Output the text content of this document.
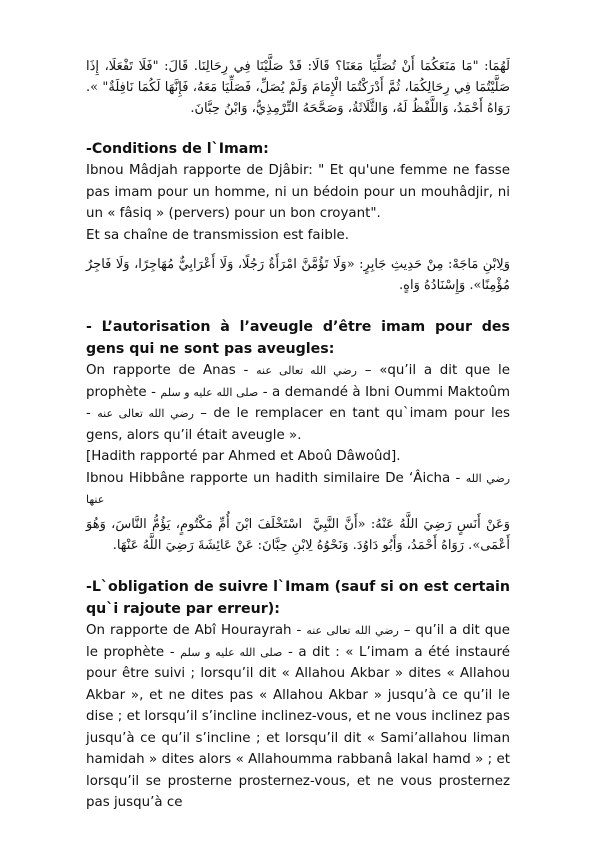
لَهُمَا: "مَا مَنَعَكُمَا أَنْ تُصَلِّيَا مَعَنَا؟ قَالَا: قَدْ صَلَّيْنَا فِي رِحَالِنَا. قَالَ: "فَلَا تَفْعَلَا، إِذَا صَلَّيْتُمَا فِي رِحَالِكُمَا، ثُمَّ أَدْرَكْتُمَا الْإِمَامَ وَلَمْ يُصَلِّ، فَصَلِّيَا مَعَهُ، فَإِنَّهَا لَكُمَا نَافِلَةٌ" ». رَوَاهُ أَحْمَدُ، وَاللَّفْظُ لَهُ، وَالثَّلَاثَةُ، وَصَحَّحَهُ التِّرْمِذِيُّ، وَابْنُ حِبَّانَ.

-Conditions de l`Imam:

Ibnou Mâdjah rapporte de Djâbir: " Et qu'une femme ne fasse pas imam pour un homme, ni un bédoin pour un mouhâdjir, ni un « fâsiq » (pervers) pour un bon croyant".

Et sa chaîne de transmission est faible.

وَلِابْنِ مَاجَهْ: مِنْ حَدِيثِ جَابِرٍ: «وَلَا تَؤُمَّنَّ امْرَأَةٌ رَجُلًا، وَلَا أَعْرَابِيٌّ مُهَاجِرًا، وَلَا فَاجِرٌ مُؤْمِنًا». وَإِسْنَادُهُ وَاهٍ.

- L’autorisation à l’aveugle d’être imam pour des gens qui ne sont pas aveugles:

On rapporte de Anas - رضي الله تعالى عنه – «qu’il a dit que le prophète - صلى الله عليه و سلم - a demandé à Ibni Oummi Maktoûm - رضي الله تعالى عنه – de le remplacer en tant qu`imam pour les gens, alors qu’il était aveugle ».

[Hadith rapporté par Ahmed et Aboû Dâwoûd].

Ibnou Hibbâne rapporte un hadith similaire De ‘Âicha - رضي الله عنها

وَعَنْ أَنَسٍ رَضِيَ اللَّهُ عَنْهُ: «أَنَّ النَّبِيَّ ‏ اسْتَخْلَفَ ابْنَ أُمِّ مَكْتُومٍ، يَؤُمُّ النَّاسَ، وَهُوَ أَعْمَى». رَوَاهُ أَحْمَدُ، وَأَبُو دَاوُدَ. وَنَحْوُهُ لِابْنِ حِبَّانَ: عَنْ عَائِشَةَ رَضِيَ اللَّهُ عَنْهَا.

-L`obligation de suivre l`Imam (sauf si on est certain qu`i rajoute par erreur):

On rapporte de Abî Hourayrah - رضي الله تعالى عنه – qu’il a dit que le prophète - صلى الله عليه و سلم - a dit : « L’imam a été instauré pour être suivi ; lorsqu’il dit « Allahou Akbar » dites « Allahou Akbar », et ne dites pas « Allahou Akbar » jusqu’à ce qu’il le dise ; et lorsqu’il s’incline inclinez-vous, et ne vous inclinez pas jusqu’à ce qu’il s’incline ; et lorsqu’il dit « Sami’allahou liman hamidah » dites alors « Allahoumma rabbanâ lakal hamd » ; et lorsqu’il se prosterne prosternez-vous, et ne vous prosternez pas jusqu’à ce
